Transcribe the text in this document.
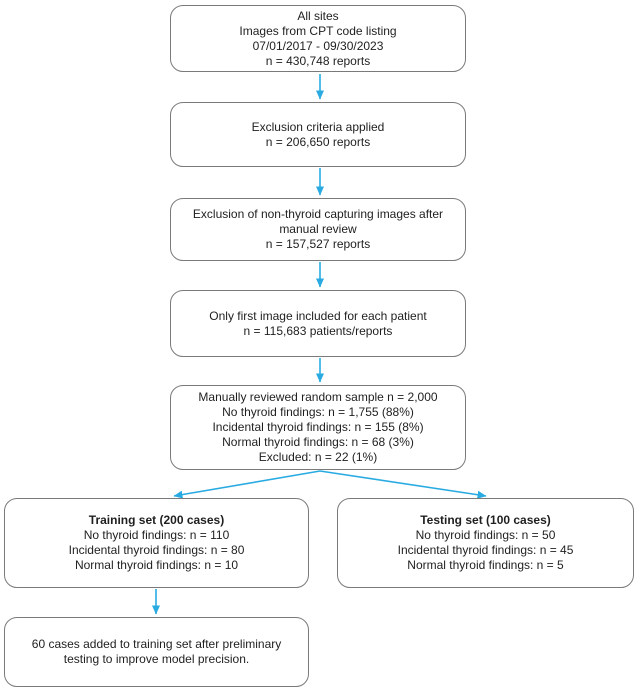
All sites
Images from CPT code listing
07/01/2017 - 09/30/2023
n = 430,748 reports
Exclusion criteria applied
n = 206,650 reports
Exclusion of non-thyroid capturing images after
manual review
n = 157,527 reports
Only first image included for each patient
n = 115,683 patients/reports
Manually reviewed random sample n = 2,000
No thyroid findings: n = 1,755 (88%)
Incidental thyroid findings: n = 155 (8%)
Normal thyroid findings: n = 68 (3%)
Excluded: n = 22 (1%)
Training set (200 cases)
No thyroid findings: n = 110
Incidental thyroid findings: n = 80
Normal thyroid findings: n = 10
Testing set (100 cases)
No thyroid findings: n = 50
Incidental thyroid findings: n = 45
Normal thyroid findings: n = 5
60 cases added to training set after preliminary
testing to improve model precision.
